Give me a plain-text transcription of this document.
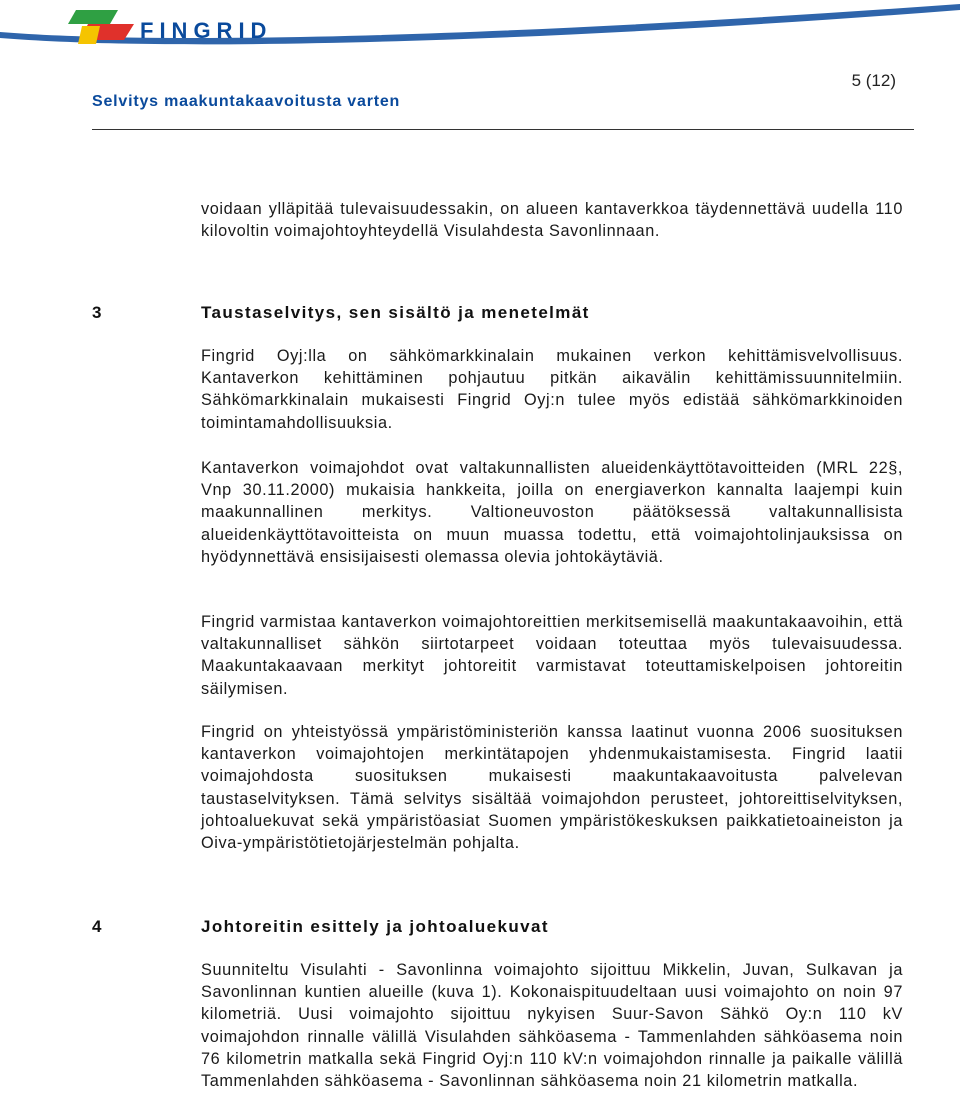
FINGRID
5 (12)
Selvitys maakuntakaavoitusta varten

voidaan ylläpitää tulevaisuudessakin, on alueen kantaverkkoa täydennettävä uudella 110 kilovoltin voimajohtoyhteydellä Visulahdesta Savonlinnaan.

3	Taustaselvitys, sen sisältö ja menetelmät

Fingrid Oyj:lla on sähkömarkkinalain mukainen verkon kehittämisvelvollisuus. Kantaverkon kehittäminen pohjautuu pitkän aikavälin kehittämissuunnitelmiin. Sähkömarkkinalain mukaisesti Fingrid Oyj:n tulee myös edistää sähkömarkkinoiden toimintamahdollisuuksia.

Kantaverkon voimajohdot ovat valtakunnallisten alueidenkäyttötavoitteiden (MRL 22§, Vnp 30.11.2000) mukaisia hankkeita, joilla on energiaverkon kannalta laajempi kuin maakunnallinen merkitys. Valtioneuvoston päätöksessä valtakunnallisista alueidenkäyttötavoitteista on muun muassa todettu, että voimajohtolinjauksissa on hyödynnettävä ensisijaisesti olemassa olevia johtokäytäviä.

Fingrid varmistaa kantaverkon voimajohtoreittien merkitsemisellä maakuntakaavoihin, että valtakunnalliset sähkön siirtotarpeet voidaan toteuttaa myös tulevaisuudessa. Maakuntakaavaan merkityt johtoreitit varmistavat toteuttamiskelpoisen johtoreitin säilymisen.

Fingrid on yhteistyössä ympäristöministeriön kanssa laatinut vuonna 2006 suosituksen kantaverkon voimajohtojen merkintätapojen yhdenmukaistamisesta. Fingrid laatii voimajohdosta suosituksen mukaisesti maakuntakaavoitusta palvelevan taustaselvityksen. Tämä selvitys sisältää voimajohdon perusteet, johtoreittiselvityksen, johtoaluekuvat sekä ympäristöasiat Suomen ympäristökeskuksen paikkatietoaineiston ja Oiva-ympäristötietojärjestelmän pohjalta.

4	Johtoreitin esittely ja johtoaluekuvat

Suunniteltu Visulahti - Savonlinna voimajohto sijoittuu Mikkelin, Juvan, Sulkavan ja Savonlinnan kuntien alueille (kuva 1). Kokonaispituudeltaan uusi voimajohto on noin 97 kilometriä. Uusi voimajohto sijoittuu nykyisen Suur-Savon Sähkö Oy:n 110 kV voimajohdon rinnalle välillä Visulahden sähköasema - Tammenlahden sähköasema noin 76 kilometrin matkalla sekä Fingrid Oyj:n 110 kV:n voimajohdon rinnalle ja paikalle välillä Tammenlahden sähköasema - Savonlinnan sähköasema noin 21 kilometrin matkalla.
